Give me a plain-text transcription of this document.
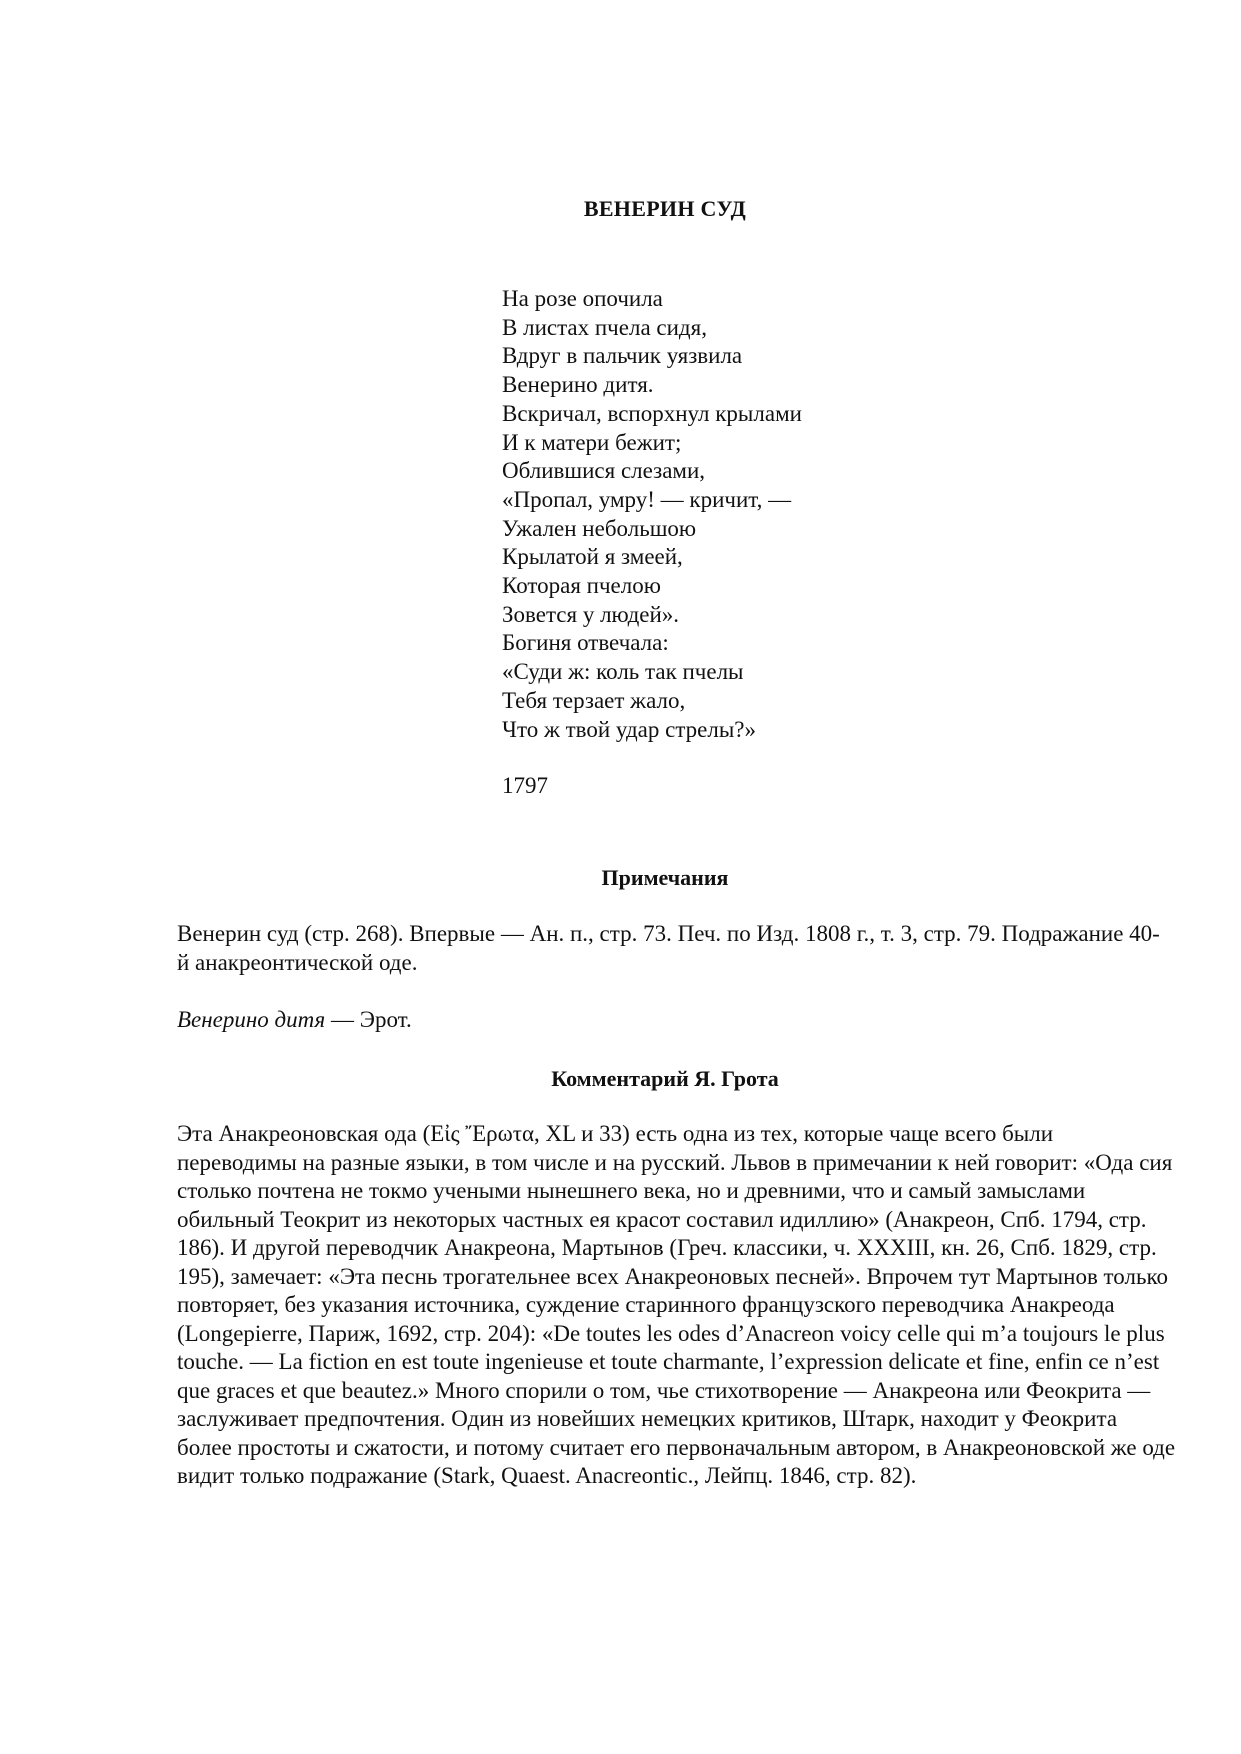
ВЕНЕРИН СУД
На розе опочила
В листах пчела сидя,
Вдруг в пальчик уязвила
Венерино дитя.
Вскричал, вспорхнул крылами
И к матери бежит;
Облившися слезами,
«Пропал, умру! — кричит, —
Ужален небольшою
Крылатой я змеей,
Которая пчелою
Зовется у людей».
Богиня отвечала:
«Суди ж: коль так пчелы
Тебя терзает жало,
Что ж твой удар стрелы?»
1797
Примечания
Венерин суд (стр. 268). Впервые — Ан. п., стр. 73. Печ. по Изд. 1808 г., т. 3, стр. 79. Подражание 40-й анакреонтической оде.
Венерино дитя — Эрот.
Комментарий Я. Грота
Эта Анакреоновская ода (Εἰς Ἔρωτα, XL и 33) есть одна из тех, которые чаще всего были переводимы на разные языки, в том числе и на русский. Львов в примечании к ней говорит: «Ода сия столько почтена не токмо учеными нынешнего века, но и древними, что и самый замыслами обильный Теокрит из некоторых частных ея красот составил идиллию» (Анакреон, Спб. 1794, стр. 186). И другой переводчик Анакреона, Мартынов (Греч. классики, ч. XXXIII, кн. 26, Спб. 1829, стр. 195), замечает: «Эта песнь трогательнее всех Анакреоновых песней». Впрочем тут Мартынов только повторяет, без указания источника, суждение старинного французского переводчика Анакреода (Longepierre, Париж, 1692, стр. 204): «De toutes les odes d’Anacreon voicy celle qui m’a toujours le plus touche. — La fiction en est toute ingenieuse et toute charmante, l’expression delicate et fine, enfin ce n’est que graces et que beautez.» Много спорили о том, чье стихотворение — Анакреона или Феокрита — заслуживает предпочтения. Один из новейших немецких критиков, Штарк, находит у Феокрита более простоты и сжатости, и потому считает его первоначальным автором, в Анакреоновской же оде видит только подражание (Stark, Quaest. Anacreontic., Лейпц. 1846, стр. 82).
